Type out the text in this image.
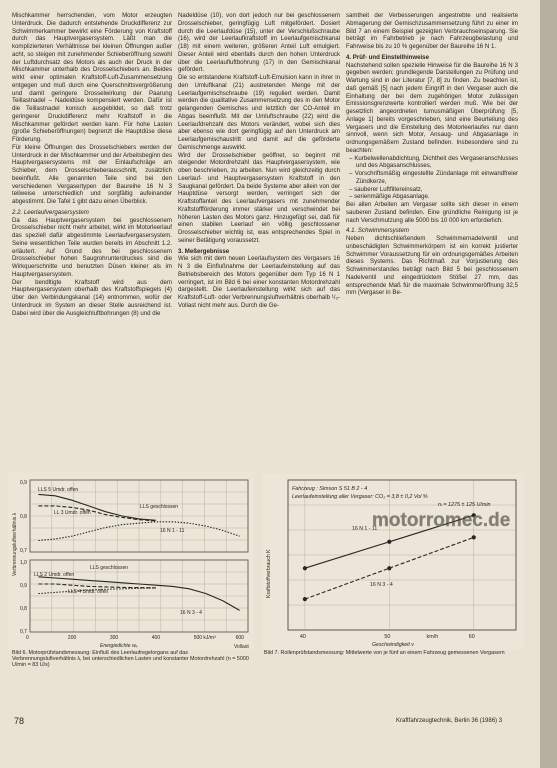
Mischkammer herrschenden, vom Motor erzeugten Unterdruck. Die dadurch entstehende Druckdifferenz zur Schwimmerkammer bewirkt eine Förderung von Kraftstoff durch das Hauptvergasersystem. Läßt man die komplizierteren Verhältnisse bei kleinen Öffnungen außer acht, so steigen mit zunehmender Schieberöffnung sowohl der Luftdurchsatz des Motors als auch der Druck in der Mischkammer unterhalb des Drosselschiebers an. Beides wirkt einer optimalen Kraftstoff-Luft-Zusammensetzung entgegen und muß durch eine Querschnittsvergrößerung und damit geringere Drosselwirkung der Paarung Teillastnadel – Nadeldüse kompensiert werden. Dafür ist die Teillastnadel konisch ausgebildet, so daß trotz geringerer Druckdifferenz mehr Kraftstoff in die Mischkammer gefördert werden kann. Für hohe Lasten (große Schieberöffnungen) begrenzt die Hauptdüse diese Förderung.

Für kleine Öffnungen des Drosselschiebers werden der Unterdruck in der Mischkammer und der Arbeitsbeginn des Hauptvergasersystems mit der Einlaufschräge am Schieber, dem Drosselschieberausschnitt, zusätzlich beeinflußt. Alle genannten Teile sind bei den verschiedenen Vergasertypen der Baureihe 16 N 3 teilweise unterschiedlich und sorgfältig aufeinander abgestimmt. Die Tafel 1 gibt dazu einen Überblick.

2.2. Leerlaufvergasersystem

Da das Hauptvergasersystem bei geschlossenem Drosselschieber nicht mehr arbeitet, wirkt im Motorleerlauf das speziell dafür abgestimmte Leerlaufvergasersystem. Seine wesentlichen Teile wurden bereits im Abschnitt 1.2. erläutert. Auf Grund des bei geschlossenem Drosselschieber hohen Saugrohrunterdruckes sind die Wirkquerschnitte und benutzten Düsen kleiner als im Hauptvergasersystem.

Der bendltigte Kraftstoff wird aus dem Hauptvergasersystem oberhalb des Kraftstoffspiegels (4) über den Verbindungskanal (14) entnommen, wofür der Unterdruck im System an dieser Stelle ausreichend ist. Dabei wird über die Ausgleichluftbohrungen (8) und die

Nadeldüse (10), von dort jedoch nur bei geschlossenem Drosselschieber, geringfügig Luft mitgefördert. Dosiert durch die Leerlaufdüse (15), unter der Verschlußschraube (16), wird der Leerlaufkraftstoff im Leerlaufgemischkanal (18) mit einem weiteren, größeren Anteil Luft emulgiert. Dieser Anteil wird ebenfalls durch den hohen Unterdruck über die Leerlaufluftbohrung (17) in den Gemischkanal gefördert.

Die so entstandene Kraftstoff-Luft-Emulsion kann in ihrer in den Umluftkanal (21) austretenden Menge mit der Leerlaufgemischschraube (19) reguliert werden. Damit werden die qualitative Zusammensetzung des in den Motor gelangenden Gemisches und letztlich der CO-Anteil im Abgas beeinflußt. Mit der Umluftschraube (22) wird die Leerlaufdrehzahl des Motors verändert, wobei sich dies aber ebenso wie dort geringfügig auf den Unterdruck am Leerlaufgemischaustritt und damit auf die geförderte Gemischmenge auswirkt.

Wird der Drosselschieber geöffnet, so beginnt mit steigender Motordrehzahl das Hauptvergasersystem, wie oben beschrieben, zu arbeiten. Nun wird gleichzeitig durch Leerlauf- und Hauptvergasersystem Kraftstoff in den Saugkanal gefördert. Da beide Systeme aber allein von der Hauptdüse versorgt werden, verringert sich der Kraftstoffanteil des Leerlaufvergasers mit zunehmender Kraftstoffförderung immer stärker und verschwindet bei höheren Lasten des Motors ganz. Hinzugefügt sei, daß für einen stabilen Leerlauf ein völlig geschlossener Drosselschieber wichtig ist, was entsprechendes Spiel in seiner Betätigung voraussetzt.

3. Meßergebnisse

Wie sich mit dem neuen Leerlaufsystem des Vergasers 16 N 3 die Einflußnahme der Leerlaufeinstellung auf das Betriebsbereich des Motors gegenüber dem Typ 16 N 1 verringert, ist im Bild 6 bei einer konstanten Motordrehzahl dargestellt. Die Leerlaufeinstellung wirkt sich auf das Kraftstoff-Luft- oder Verbrennungsluftverhältnis oberhalb ¹/₃-Vollast nicht mehr aus. Durch die Ge-

samtheit der Verbesserungen angestrebte und realisierte Abmagerung der Gemischzusammensetzung führt zu einer im Bild 7 an einem Beispiel gezeigten Verbrauchseinsparung. Sie beträgt im Fahrbetrieb je nach Fahrzeugbelastung und Fahrweise bis zu 10 % gegenüber der Baureihe 16 N 1.

4. Prüf- und Einstellhinweise

Nachstehend sollen spezielle Hinweise für die Baureihe 16 N 3 gegeben werden; grundlegende Darstellungen zu Prüfung und Wartung sind in der Literatur [7, 8] zu finden. Zu beachten ist, daß gemäß [5] nach jedem Eingriff in den Vergaser auch die Einhaltung der bei dem zugehörigen Motor zulässigen Emissionsgrenzwerte kontrolliert werden muß. Wie bei der gesetzlich angeordneten turnusmäßigen Überprüfung [5, Anlage 1] bereits vorgeschrieben, sind eine Beurteilung des Vergasers und die Einstellung des Motorleerlaufes nur dann sinnvoll, wenn sich Motor, Ansaug- und Abgasanlage in ordnungsgemäßem Zustand befinden. Insbesondere sind zu beachten:

– Kurbelwellenabdichtung, Dichtheit des Vergaseranschlusses und des Abgasanschlusses,
– Vorschriftsmäßig eingestellte Zündanlage mit einwandfreier Zündkerze,
– sauberer Luftfiltereinsatz,
– serienmäßige Abgasanlage.

Bei allen Arbeiten am Vergaser sollte sich dieser in einem sauberen Zustand befinden. Eine gründliche Reinigung ist je nach Verschmutzung alle 5000 bis 10 000 km erforderlich.

4.1. Schwimmersystem

Neben dichtschließendem Schwimmernadelventil und unbeschädigten Schwimmerkörpern ist ein korrekt justierter Schwimmer Voraussetzung für ein ordnungsgemäßes Arbeiten dieses Systems. Das Richtmaß zur Vorjustierung des Schwimmerstandes beträgt nach Bild 5 bei geschlossenem Nadelventil und eingedrücktem Stößel 27 mm, das entsprechende Maß für die maximale Schwimmeröffnung 32,5 mm (Vergaser in Be-

LLS 5 Umdr. offen
LL 3 Umdr. offen
LLS geschlossen
16 N 1 - 11
LLS geschlossen
LLS 2 Umdr. offen
LLS 4 Umdr. offen
16 N 3 - 4
Verbrennungsluftverhältnis λ
Energiedichte wₑ	Vollast
0	200	300	400	500 kJ/m³	600
0,9
0,8
0,7
1,0
0,9
0,8
0,7
Fahrzeug : Simson S 51 B 2 - 4
Leerlaufeinstellung aller Vergaser: CO₂ = 3,8 ± 0,2 Vol %
nₗ = 1275 ± 125 U/min
16 N 1 - 11
16 N 3 - 4
Geschwindigkeit v
Kraftstoffverbrauch K
motorromec.de
40	50	km/h	60
Bild 6. Motorprüfstandsmessung: Einfluß des Leerlaufregelorgans auf das Verbrennungsluftverhältnis λ, bei unterschiedlichen Lasten und konstanter Motordrehzahl (n = 5000 U/min = 83 U/s)
Bild 7. Rollenprüfstandsmessung: Mittelwerte von je fünf an einem Fahrzeug gemessenen Vergasern
78	Kraftfahrzeugtechnik, Berlin 36 (1986) 3
